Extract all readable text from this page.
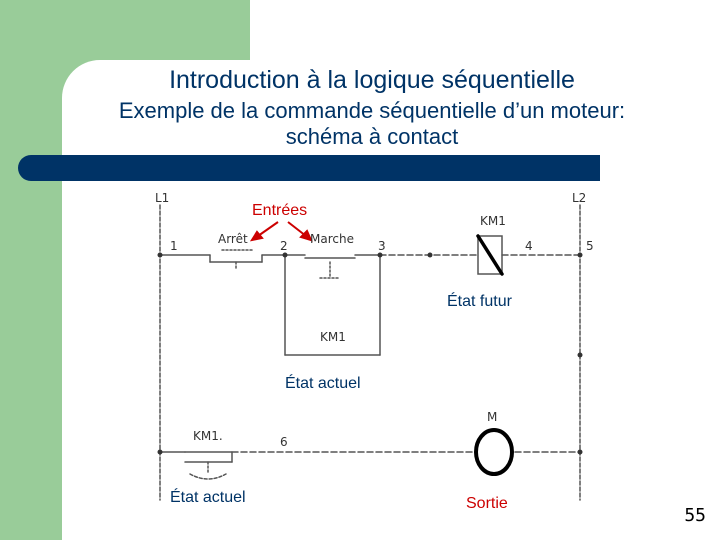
Introduction à la logique séquentielle
Exemple de la commande séquentielle d’un moteur:
schéma à contact
L1	L2
1	2	3	4	5
6
Arrêt	Marche
KM1
KM1
KM1.
M
Entrées
État futur
État actuel
État actuel	Sortie
55
